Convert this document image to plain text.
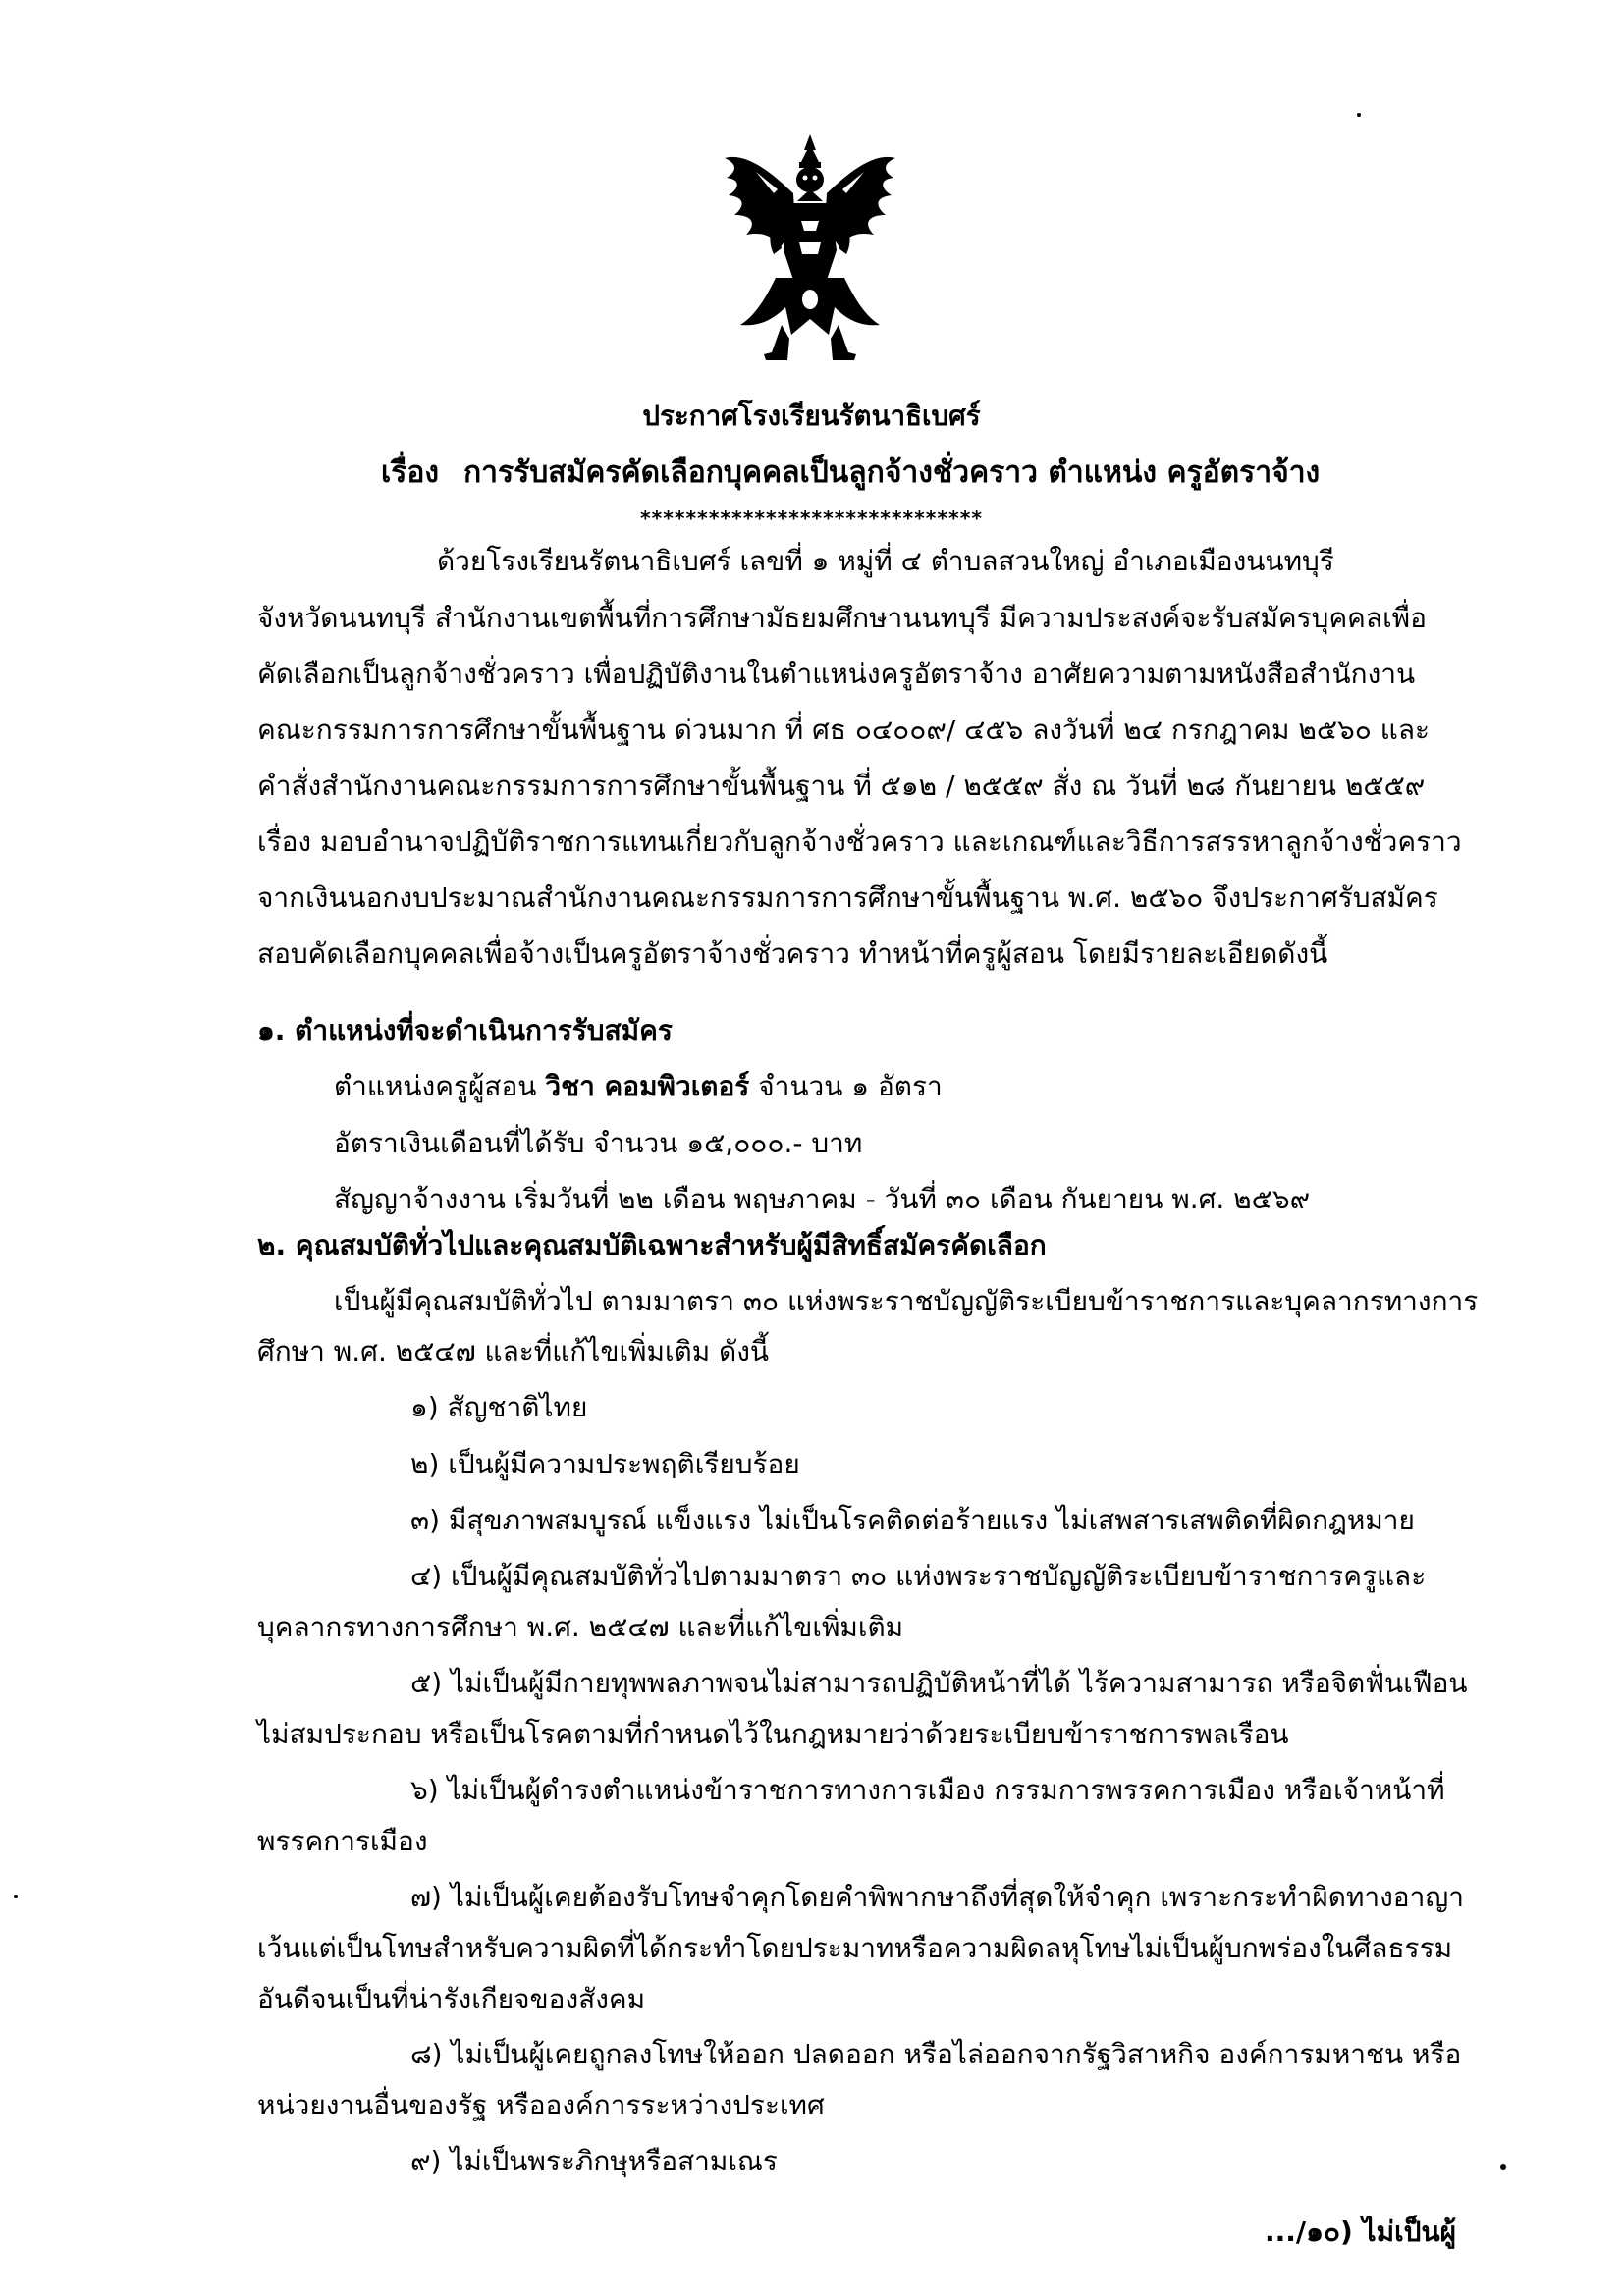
ประกาศโรงเรียนรัตนาธิเบศร์
เรื่อง การรับสมัครคัดเลือกบุคคลเป็นลูกจ้างชั่วคราว ตำแหน่ง ครูอัตราจ้าง
******************************
ด้วยโรงเรียนรัตนาธิเบศร์ เลขที่ ๑ หมู่ที่ ๔ ตำบลสวนใหญ่ อำเภอเมืองนนทบุรี
จังหวัดนนทบุรี สำนักงานเขตพื้นที่การศึกษามัธยมศึกษานนทบุรี มีความประสงค์จะรับสมัครบุคคลเพื่อ
คัดเลือกเป็นลูกจ้างชั่วคราว เพื่อปฏิบัติงานในตำแหน่งครูอัตราจ้าง อาศัยความตามหนังสือสำนักงาน
คณะกรรมการการศึกษาขั้นพื้นฐาน ด่วนมาก ที่ ศธ ๐๔๐๐๙/ ๔๕๖ ลงวันที่ ๒๔ กรกฎาคม ๒๕๖๐ และ
คำสั่งสำนักงานคณะกรรมการการศึกษาขั้นพื้นฐาน ที่ ๕๑๒ / ๒๕๕๙ สั่ง ณ วันที่ ๒๘ กันยายน ๒๕๕๙
เรื่อง มอบอำนาจปฏิบัติราชการแทนเกี่ยวกับลูกจ้างชั่วคราว และเกณฑ์และวิธีการสรรหาลูกจ้างชั่วคราว
จากเงินนอกงบประมาณสำนักงานคณะกรรมการการศึกษาขั้นพื้นฐาน พ.ศ. ๒๕๖๐ จึงประกาศรับสมัคร
สอบคัดเลือกบุคคลเพื่อจ้างเป็นครูอัตราจ้างชั่วคราว ทำหน้าที่ครูผู้สอน โดยมีรายละเอียดดังนี้
๑. ตำแหน่งที่จะดำเนินการรับสมัคร
ตำแหน่งครูผู้สอน วิชา คอมพิวเตอร์ จำนวน ๑ อัตรา
อัตราเงินเดือนที่ได้รับ จำนวน ๑๕,๐๐๐.- บาท
สัญญาจ้างงาน เริ่มวันที่ ๒๒ เดือน พฤษภาคม - วันที่ ๓๐ เดือน กันยายน พ.ศ. ๒๕๖๙
๒. คุณสมบัติทั่วไปและคุณสมบัติเฉพาะสำหรับผู้มีสิทธิ์สมัครคัดเลือก
เป็นผู้มีคุณสมบัติทั่วไป ตามมาตรา ๓๐ แห่งพระราชบัญญัติระเบียบข้าราชการและบุคลากรทางการ
ศึกษา พ.ศ. ๒๕๔๗ และที่แก้ไขเพิ่มเติม ดังนี้
๑) สัญชาติไทย
๒) เป็นผู้มีความประพฤติเรียบร้อย
๓) มีสุขภาพสมบูรณ์ แข็งแรง ไม่เป็นโรคติดต่อร้ายแรง ไม่เสพสารเสพติดที่ผิดกฎหมาย
๔) เป็นผู้มีคุณสมบัติทั่วไปตามมาตรา ๓๐ แห่งพระราชบัญญัติระเบียบข้าราชการครูและ
บุคลากรทางการศึกษา พ.ศ. ๒๕๔๗ และที่แก้ไขเพิ่มเติม
๕) ไม่เป็นผู้มีกายทุพพลภาพจนไม่สามารถปฏิบัติหน้าที่ได้ ไร้ความสามารถ หรือจิตฟั่นเฟือน
ไม่สมประกอบ หรือเป็นโรคตามที่กำหนดไว้ในกฎหมายว่าด้วยระเบียบข้าราชการพลเรือน
๖) ไม่เป็นผู้ดำรงตำแหน่งข้าราชการทางการเมือง กรรมการพรรคการเมือง หรือเจ้าหน้าที่
พรรคการเมือง
๗) ไม่เป็นผู้เคยต้องรับโทษจำคุกโดยคำพิพากษาถึงที่สุดให้จำคุก เพราะกระทำผิดทางอาญา
เว้นแต่เป็นโทษสำหรับความผิดที่ได้กระทำโดยประมาทหรือความผิดลหุโทษไม่เป็นผู้บกพร่องในศีลธรรม
อันดีจนเป็นที่น่ารังเกียจของสังคม
๘) ไม่เป็นผู้เคยถูกลงโทษให้ออก ปลดออก หรือไล่ออกจากรัฐวิสาหกิจ องค์การมหาชน หรือ
หน่วยงานอื่นของรัฐ หรือองค์การระหว่างประเทศ
๙) ไม่เป็นพระภิกษุหรือสามเณร
.../๑๐) ไม่เป็นผู้
